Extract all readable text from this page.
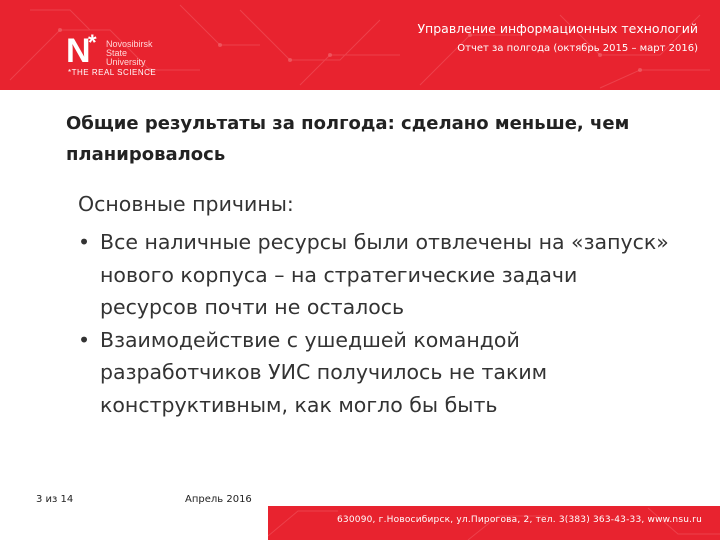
N
* Novosibirsk
State
University
*THE REAL SCIENCE
Управление информационных технологий
Отчет за полгода (октябрь 2015 – март 2016)
Общие результаты за полгода: сделано меньше, чем планировалось
Основные причины:
• Все наличные ресурсы были отвлечены на «запуск» нового корпуса – на стратегические задачи ресурсов почти не осталось
• Взаимодействие с ушедшей командой разработчиков УИС получилось не таким конструктивным, как могло бы быть
3 из 14	Апрель 2016
630090, г.Новосибирск, ул.Пирогова, 2, тел. 3(383) 363-43-33, www.nsu.ru
